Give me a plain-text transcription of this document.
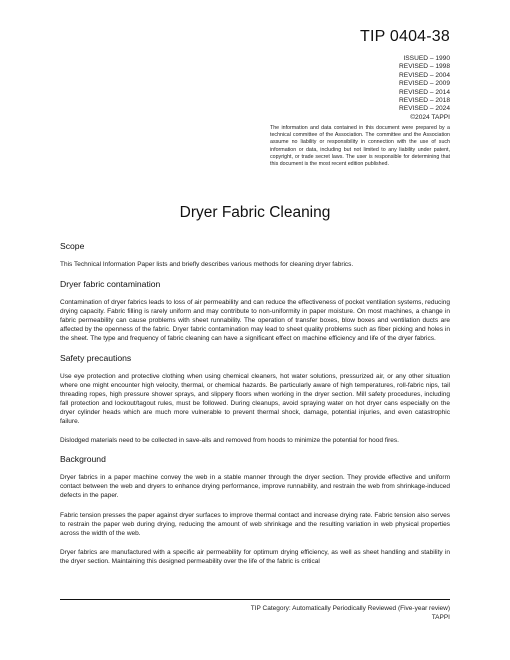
TIP 0404-38
ISSUED – 1990
REVISED – 1998
REVISED – 2004
REVISED – 2009
REVISED – 2014
REVISED – 2018
REVISED – 2024
©2024 TAPPI
The information and data contained in this document were prepared by a technical committee of the Association. The committee and the Association assume no liability or responsibility in connection with the use of such information or data, including but not limited to any liability under patent, copyright, or trade secret laws. The user is responsible for determining that this document is the most recent edition published.
Dryer Fabric Cleaning
Scope

This Technical Information Paper lists and briefly describes various methods for cleaning dryer fabrics.

Dryer fabric contamination

Contamination of dryer fabrics leads to loss of air permeability and can reduce the effectiveness of pocket ventilation systems, reducing drying capacity. Fabric filling is rarely uniform and may contribute to non-uniformity in paper moisture. On most machines, a change in fabric permeability can cause problems with sheet runnability. The operation of transfer boxes, blow boxes and ventilation ducts are affected by the openness of the fabric. Dryer fabric contamination may lead to sheet quality problems such as fiber picking and holes in the sheet. The type and frequency of fabric cleaning can have a significant effect on machine efficiency and life of the dryer fabrics.

Safety precautions

Use eye protection and protective clothing when using chemical cleaners, hot water solutions, pressurized air, or any other situation where one might encounter high velocity, thermal, or chemical hazards. Be particularly aware of high temperatures, roll-fabric nips, tail threading ropes, high pressure shower sprays, and slippery floors when working in the dryer section. Mill safety procedures, including fall protection and lockout/tagout rules, must be followed. During cleanups, avoid spraying water on hot dryer cans especially on the dryer cylinder heads which are much more vulnerable to prevent thermal shock, damage, potential injuries, and even catastrophic failure.

Dislodged materials need to be collected in save-alls and removed from hoods to minimize the potential for hood fires.

Background

Dryer fabrics in a paper machine convey the web in a stable manner through the dryer section. They provide effective and uniform contact between the web and dryers to enhance drying performance, improve runnability, and restrain the web from shrinkage-induced defects in the paper.

Fabric tension presses the paper against dryer surfaces to improve thermal contact and increase drying rate. Fabric tension also serves to restrain the paper web during drying, reducing the amount of web shrinkage and the resulting variation in web physical properties across the width of the web.

Dryer fabrics are manufactured with a specific air permeability for optimum drying efficiency, as well as sheet handling and stability in the dryer section. Maintaining this designed permeability over the life of the fabric is critical

TIP Category: Automatically Periodically Reviewed (Five-year review)
TAPPI
